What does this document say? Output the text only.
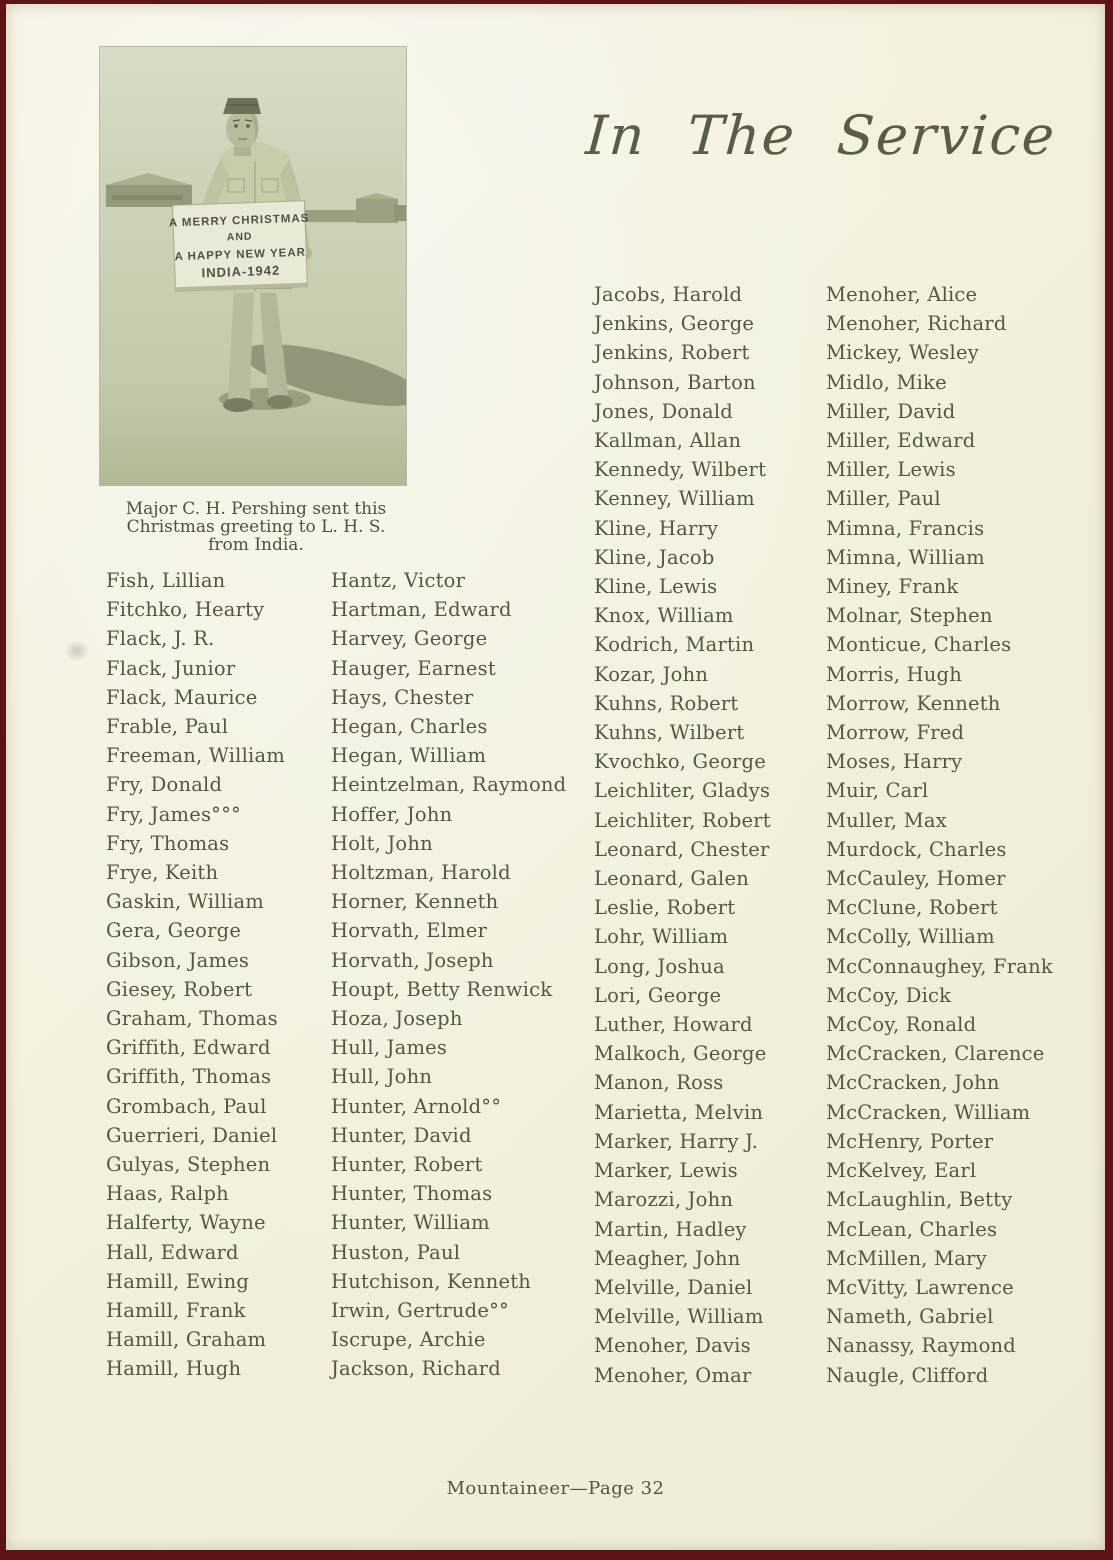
A MERRY CHRISTMAS
AND
A HAPPY NEW YEAR
INDIA-1942
Major C. H. Pershing sent this
Christmas greeting to L. H. S.
from India.
In The Service
Fish, Lillian
Fitchko, Hearty
Flack, J. R.
Flack, Junior
Flack, Maurice
Frable, Paul
Freeman, William
Fry, Donald
Fry, James°°°
Fry, Thomas
Frye, Keith
Gaskin, William
Gera, George
Gibson, James
Giesey, Robert
Graham, Thomas
Griffith, Edward
Griffith, Thomas
Grombach, Paul
Guerrieri, Daniel
Gulyas, Stephen
Haas, Ralph
Halferty, Wayne
Hall, Edward
Hamill, Ewing
Hamill, Frank
Hamill, Graham
Hamill, Hugh
Hantz, Victor
Hartman, Edward
Harvey, George
Hauger, Earnest
Hays, Chester
Hegan, Charles
Hegan, William
Heintzelman, Raymond
Hoffer, John
Holt, John
Holtzman, Harold
Horner, Kenneth
Horvath, Elmer
Horvath, Joseph
Houpt, Betty Renwick
Hoza, Joseph
Hull, James
Hull, John
Hunter, Arnold°°
Hunter, David
Hunter, Robert
Hunter, Thomas
Hunter, William
Huston, Paul
Hutchison, Kenneth
Irwin, Gertrude°°
Iscrupe, Archie
Jackson, Richard
Jacobs, Harold
Jenkins, George
Jenkins, Robert
Johnson, Barton
Jones, Donald
Kallman, Allan
Kennedy, Wilbert
Kenney, William
Kline, Harry
Kline, Jacob
Kline, Lewis
Knox, William
Kodrich, Martin
Kozar, John
Kuhns, Robert
Kuhns, Wilbert
Kvochko, George
Leichliter, Gladys
Leichliter, Robert
Leonard, Chester
Leonard, Galen
Leslie, Robert
Lohr, William
Long, Joshua
Lori, George
Luther, Howard
Malkoch, George
Manon, Ross
Marietta, Melvin
Marker, Harry J.
Marker, Lewis
Marozzi, John
Martin, Hadley
Meagher, John
Melville, Daniel
Melville, William
Menoher, Davis
Menoher, Omar
Menoher, Alice
Menoher, Richard
Mickey, Wesley
Midlo, Mike
Miller, David
Miller, Edward
Miller, Lewis
Miller, Paul
Mimna, Francis
Mimna, William
Miney, Frank
Molnar, Stephen
Monticue, Charles
Morris, Hugh
Morrow, Kenneth
Morrow, Fred
Moses, Harry
Muir, Carl
Muller, Max
Murdock, Charles
McCauley, Homer
McClune, Robert
McColly, William
McConnaughey, Frank
McCoy, Dick
McCoy, Ronald
McCracken, Clarence
McCracken, John
McCracken, William
McHenry, Porter
McKelvey, Earl
McLaughlin, Betty
McLean, Charles
McMillen, Mary
McVitty, Lawrence
Nameth, Gabriel
Nanassy, Raymond
Naugle, Clifford
Mountaineer—Page 32
